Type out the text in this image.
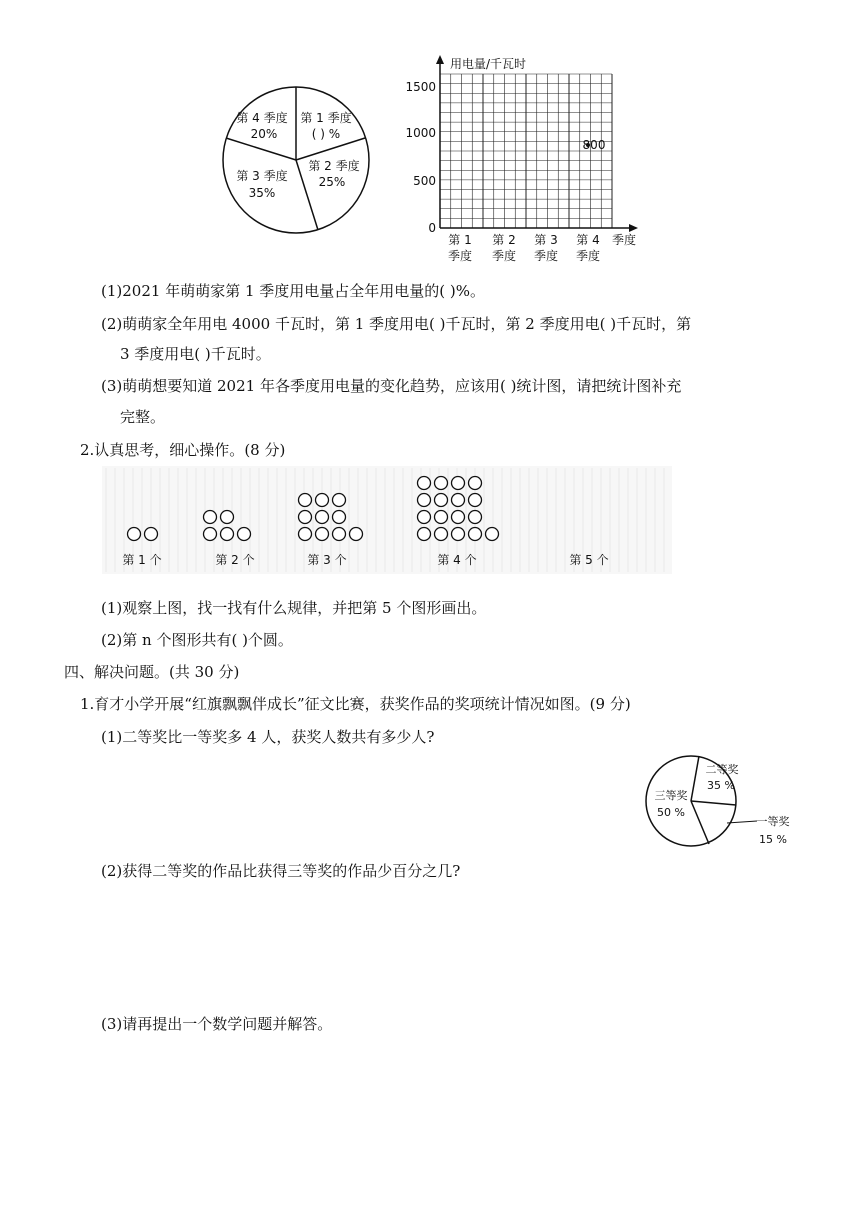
第 4 季度
20%
第 1 季度
( ) %
第 2 季度
25%
第 3 季度
35%
用电量/千瓦时
1500
1000
500
0
季度
第 1
季度
第 2
季度
第 3
季度
第 4
季度
800
(1)2021 年萌萌家第 1 季度用电量占全年用电量的( )%。
(2)萌萌家全年用电 4000 千瓦时，第 1 季度用电( )千瓦时，第 2 季度用电( )千瓦时，第
3 季度用电( )千瓦时。
(3)萌萌想要知道 2021 年各季度用电量的变化趋势，应该用( )统计图，请把统计图补充
完整。
2.认真思考，细心操作。(8 分)
第 1 个	第 2 个	第 3 个	第 4 个	第 5 个
(1)观察上图，找一找有什么规律，并把第 5 个图形画出。
(2)第 n 个图形共有( )个圆。
四、解决问题。(共 30 分)
1.育才小学开展“红旗飘飘伴成长”征文比赛，获奖作品的奖项统计情况如图。(9 分)
(1)二等奖比一等奖多 4 人，获奖人数共有多少人?
二等奖
35 %
三等奖
50 %
一等奖
15 %
(2)获得二等奖的作品比获得三等奖的作品少百分之几?
(3)请再提出一个数学问题并解答。
